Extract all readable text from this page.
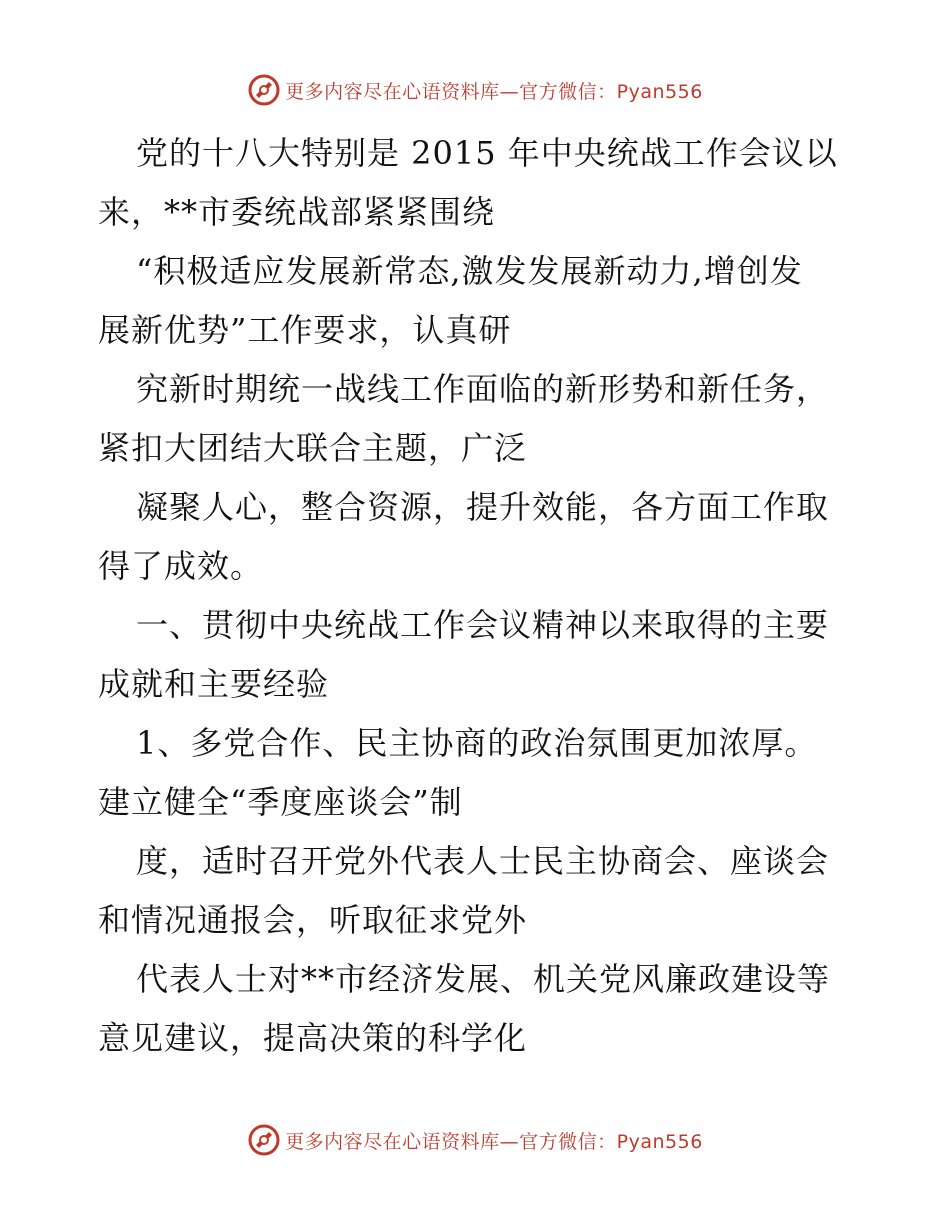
更多内容尽在心语资料库—官方微信：Pyan556

党的十八大特别是 2015 年中央统战工作会议以

来，**市委统战部紧紧围绕

“积极适应发展新常态,激发发展新动力,增创发

展新优势”工作要求，认真研

究新时期统一战线工作面临的新形势和新任务，

紧扣大团结大联合主题，广泛

凝聚人心，整合资源，提升效能，各方面工作取

得了成效。

一、贯彻中央统战工作会议精神以来取得的主要

成就和主要经验

1、多党合作、民主协商的政治氛围更加浓厚。

建立健全“季度座谈会”制

度，适时召开党外代表人士民主协商会、座谈会

和情况通报会，听取征求党外

代表人士对**市经济发展、机关党风廉政建设等

意见建议，提高决策的科学化

更多内容尽在心语资料库—官方微信：Pyan556
